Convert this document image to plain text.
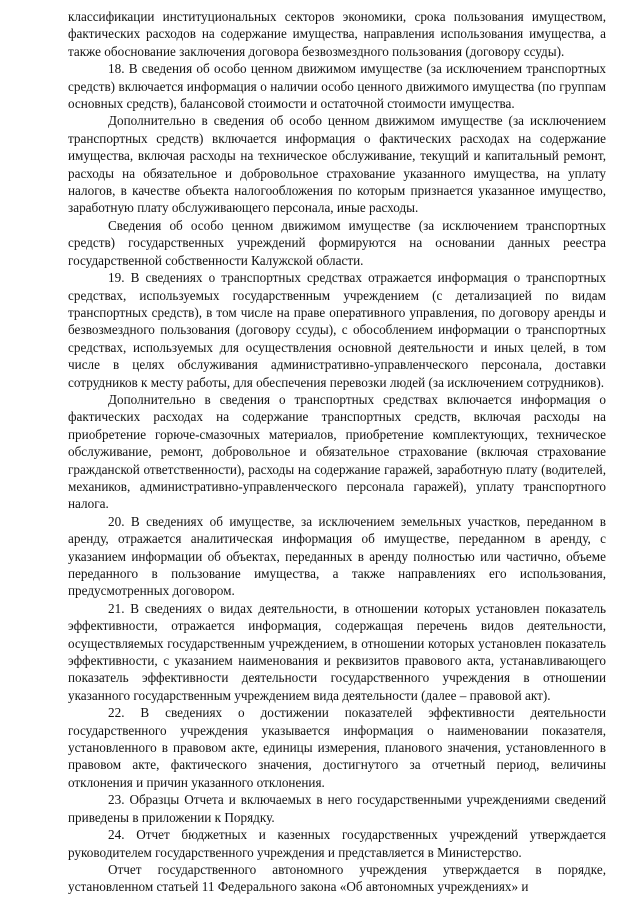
классификации институциональных секторов экономики, срока пользования имуществом, фактических расходов на содержание имущества, направления использования имущества, а также обоснование заключения договора безвозмездного пользования (договору ссуды).

18. В сведения об особо ценном движимом имуществе (за исключением транспортных средств) включается информация о наличии особо ценного движимого имущества (по группам основных средств), балансовой стоимости и остаточной стоимости имущества.

Дополнительно в сведения об особо ценном движимом имуществе (за исключением транспортных средств) включается информация о фактических расходах на содержание имущества, включая расходы на техническое обслуживание, текущий и капитальный ремонт, расходы на обязательное и добровольное страхование указанного имущества, на уплату налогов, в качестве объекта налогообложения по которым признается указанное имущество, заработную плату обслуживающего персонала, иные расходы.

Сведения об особо ценном движимом имуществе (за исключением транспортных средств) государственных учреждений формируются на основании данных реестра государственной собственности Калужской области.

19. В сведениях о транспортных средствах отражается информация о транспортных средствах, используемых государственным учреждением (с детализацией по видам транспортных средств), в том числе на праве оперативного управления, по договору аренды и безвозмездного пользования (договору ссуды), с обособлением информации о транспортных средствах, используемых для осуществления основной деятельности и иных целей, в том числе в целях обслуживания административно-управленческого персонала, доставки сотрудников к месту работы, для обеспечения перевозки людей (за исключением сотрудников).

Дополнительно в сведения о транспортных средствах включается информация о фактических расходах на содержание транспортных средств, включая расходы на приобретение горюче-смазочных материалов, приобретение комплектующих, техническое обслуживание, ремонт, добровольное и обязательное страхование (включая страхование гражданской ответственности), расходы на содержание гаражей, заработную плату (водителей, механиков, административно-управленческого персонала гаражей), уплату транспортного налога.

20. В сведениях об имуществе, за исключением земельных участков, переданном в аренду, отражается аналитическая информация об имуществе, переданном в аренду, с указанием информации об объектах, переданных в аренду полностью или частично, объеме переданного в пользование имущества, а также направлениях его использования, предусмотренных договором.

21. В сведениях о видах деятельности, в отношении которых установлен показатель эффективности, отражается информация, содержащая перечень видов деятельности, осуществляемых государственным учреждением, в отношении которых установлен показатель эффективности, с указанием наименования и реквизитов правового акта, устанавливающего показатель эффективности деятельности государственного учреждения в отношении указанного государственным учреждением вида деятельности (далее – правовой акт).

22. В сведениях о достижении показателей эффективности деятельности государственного учреждения указывается информация о наименовании показателя, установленного в правовом акте, единицы измерения, планового значения, установленного в правовом акте, фактического значения, достигнутого за отчетный период, величины отклонения и причин указанного отклонения.

23. Образцы Отчета и включаемых в него государственными учреждениями сведений приведены в приложении к Порядку.

24. Отчет бюджетных и казенных государственных учреждений утверждается руководителем государственного учреждения и представляется в Министерство.

Отчет государственного автономного учреждения утверждается в порядке, установленном статьей 11 Федерального закона «Об автономных учреждениях» и
